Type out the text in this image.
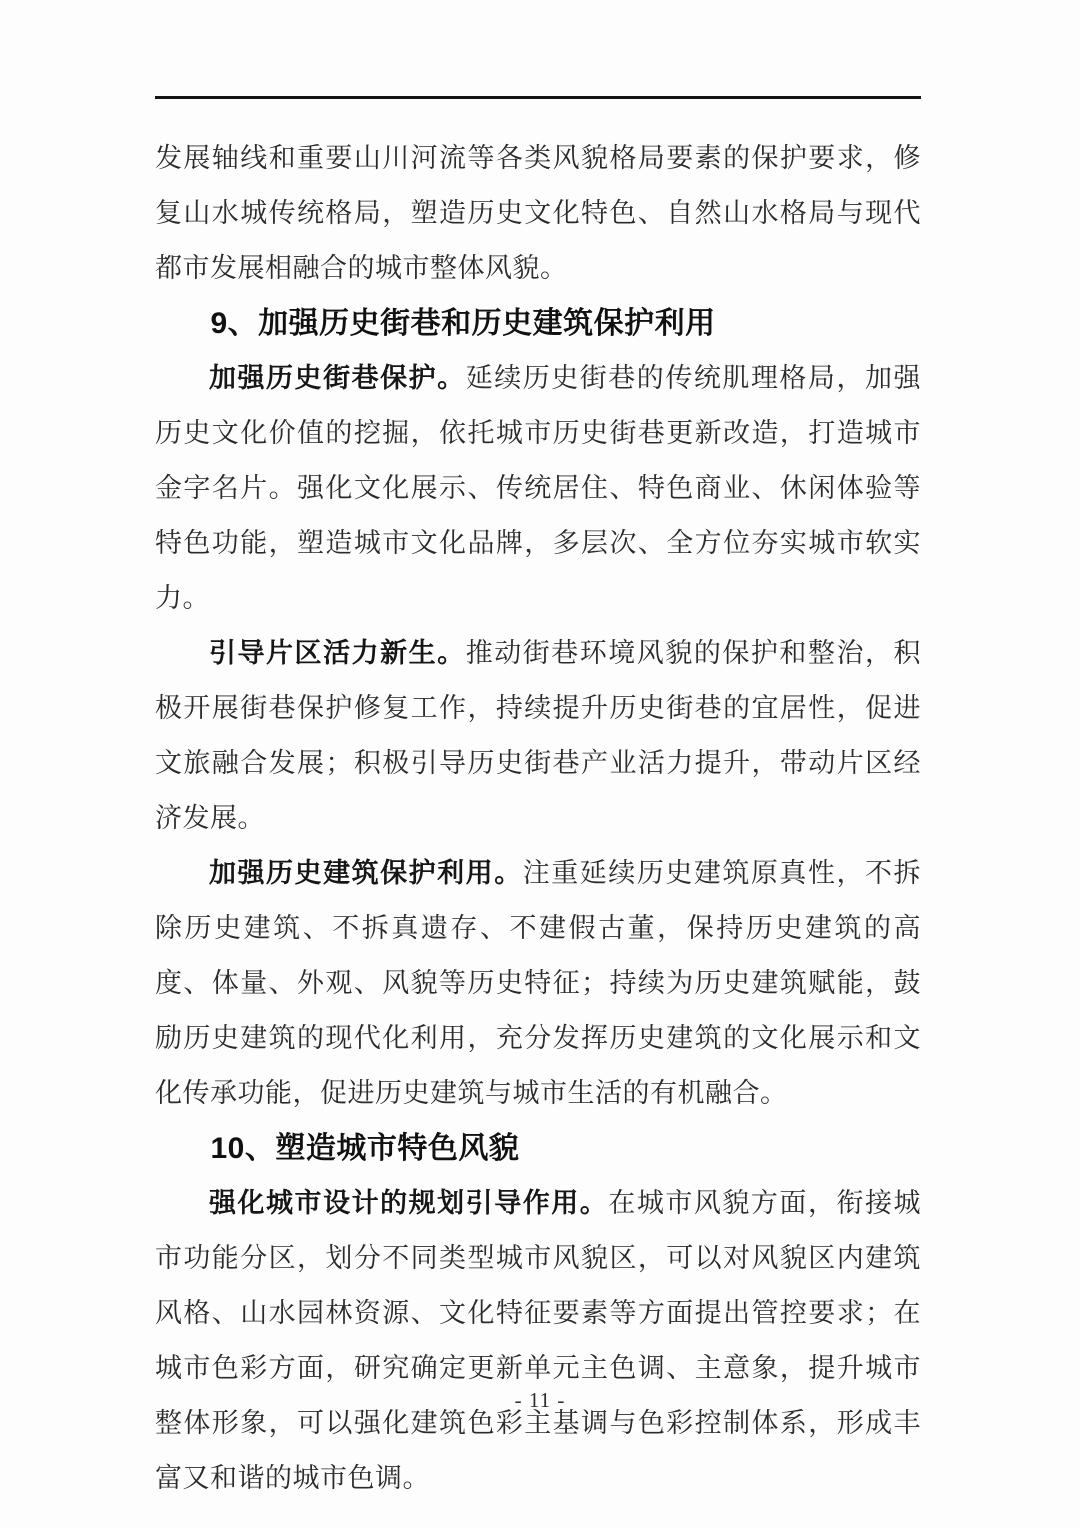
发展轴线和重要山川河流等各类风貌格局要素的保护要求，修复山水城传统格局，塑造历史文化特色、自然山水格局与现代都市发展相融合的城市整体风貌。

9、加强历史街巷和历史建筑保护利用

加强历史街巷保护。延续历史街巷的传统肌理格局，加强历史文化价值的挖掘，依托城市历史街巷更新改造，打造城市金字名片。强化文化展示、传统居住、特色商业、休闲体验等特色功能，塑造城市文化品牌，多层次、全方位夯实城市软实力。

引导片区活力新生。推动街巷环境风貌的保护和整治，积极开展街巷保护修复工作，持续提升历史街巷的宜居性，促进文旅融合发展；积极引导历史街巷产业活力提升，带动片区经济发展。

加强历史建筑保护利用。注重延续历史建筑原真性，不拆除历史建筑、不拆真遗存、不建假古董，保持历史建筑的高度、体量、外观、风貌等历史特征；持续为历史建筑赋能，鼓励历史建筑的现代化利用，充分发挥历史建筑的文化展示和文化传承功能，促进历史建筑与城市生活的有机融合。

10、塑造城市特色风貌

强化城市设计的规划引导作用。在城市风貌方面，衔接城市功能分区，划分不同类型城市风貌区，可以对风貌区内建筑风格、山水园林资源、文化特征要素等方面提出管控要求；在城市色彩方面，研究确定更新单元主色调、主意象，提升城市整体形象，可以强化建筑色彩主基调与色彩控制体系，形成丰富又和谐的城市色调。

- 11 -
